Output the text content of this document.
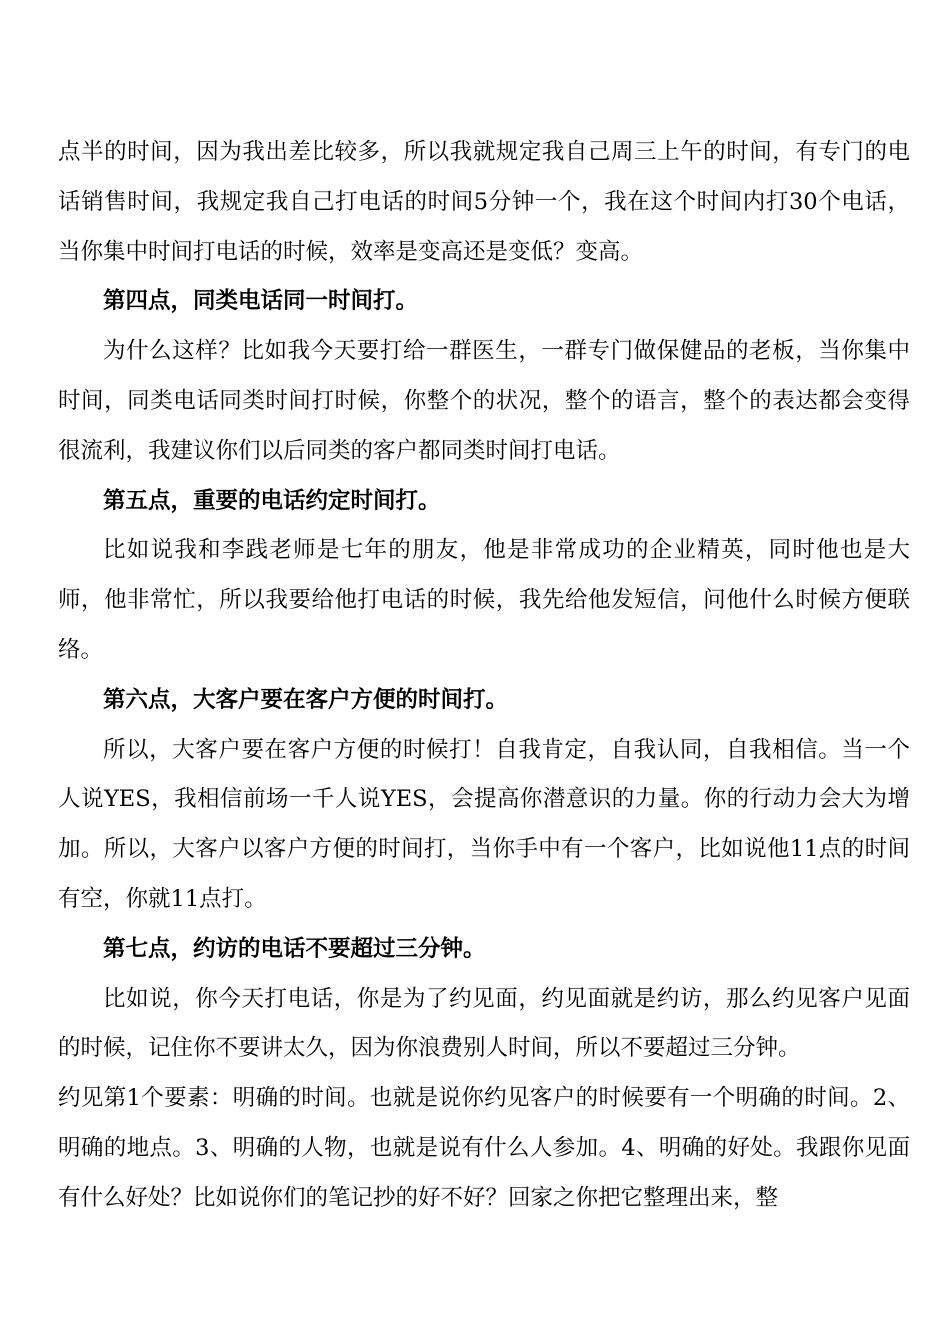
点半的时间，因为我出差比较多，所以我就规定我自己周三上午的时间，有专门的电话销售时间，我规定我自己打电话的时间5分钟一个，我在这个时间内打30个电话，当你集中时间打电话的时候，效率是变高还是变低？变高。

第四点，同类电话同一时间打。

为什么这样？比如我今天要打给一群医生，一群专门做保健品的老板，当你集中时间，同类电话同类时间打时候，你整个的状况，整个的语言，整个的表达都会变得很流利，我建议你们以后同类的客户都同类时间打电话。

第五点，重要的电话约定时间打。

比如说我和李践老师是七年的朋友，他是非常成功的企业精英，同时他也是大师，他非常忙，所以我要给他打电话的时候，我先给他发短信，问他什么时候方便联络。

第六点，大客户要在客户方便的时间打。

所以，大客户要在客户方便的时候打！自我肯定，自我认同，自我相信。当一个人说YES，我相信前场一千人说YES，会提高你潜意识的力量。你的行动力会大为增加。所以，大客户以客户方便的时间打，当你手中有一个客户，比如说他11点的时间有空，你就11点打。

第七点，约访的电话不要超过三分钟。

比如说，你今天打电话，你是为了约见面，约见面就是约访，那么约见客户见面的时候，记住你不要讲太久，因为你浪费别人时间，所以不要超过三分钟。

约见第1个要素：明确的时间。也就是说你约见客户的时候要有一个明确的时间。2、明确的地点。3、明确的人物，也就是说有什么人参加。4、明确的好处。我跟你见面有什么好处？比如说你们的笔记抄的好不好？回家之你把它整理出来，整
